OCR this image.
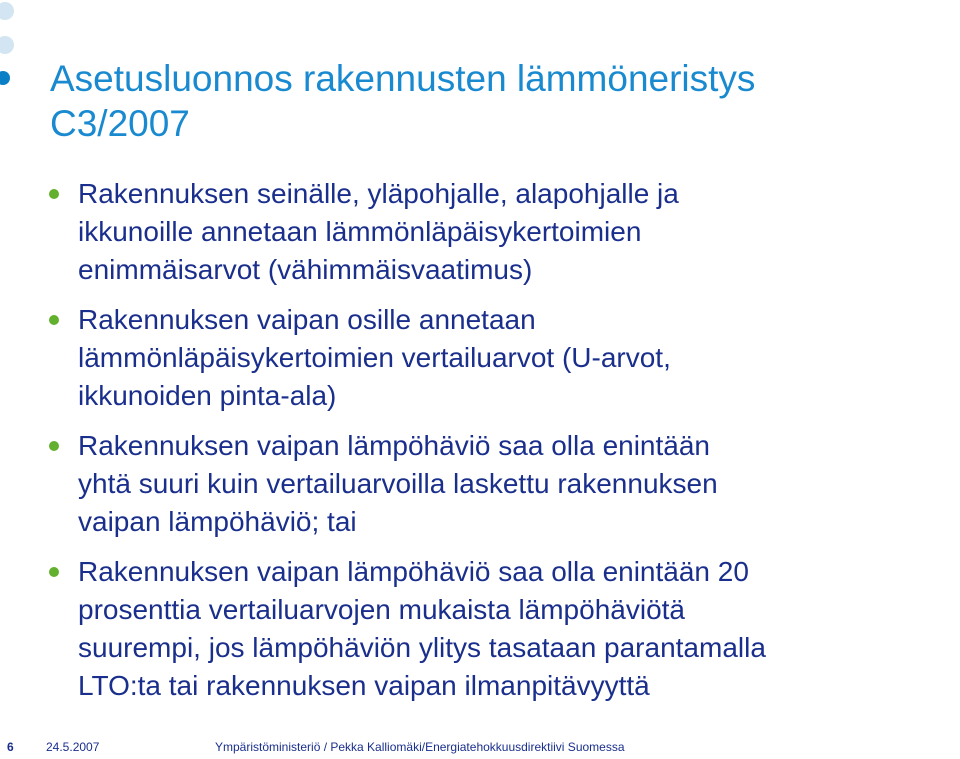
Asetusluonnos rakennusten lämmöneristys
C3/2007
Rakennuksen seinälle, yläpohjalle, alapohjalle ja
ikkunoille annetaan lämmönläpäisykertoimien
enimmäisarvot (vähimmäisvaatimus)
Rakennuksen vaipan osille annetaan
lämmönläpäisykertoimien vertailuarvot (U-arvot,
ikkunoiden pinta-ala)
Rakennuksen vaipan lämpöhäviö saa olla enintään
yhtä suuri kuin vertailuarvoilla laskettu rakennuksen
vaipan lämpöhäviö; tai
Rakennuksen vaipan lämpöhäviö saa olla enintään 20
prosenttia vertailuarvojen mukaista lämpöhäviötä
suurempi, jos lämpöhäviön ylitys tasataan parantamalla
LTO:ta tai rakennuksen vaipan ilmanpitävyyttä
6	24.5.2007	Ympäristöministeriö / Pekka Kalliomäki/Energiatehokkuusdirektiivi Suomessa
